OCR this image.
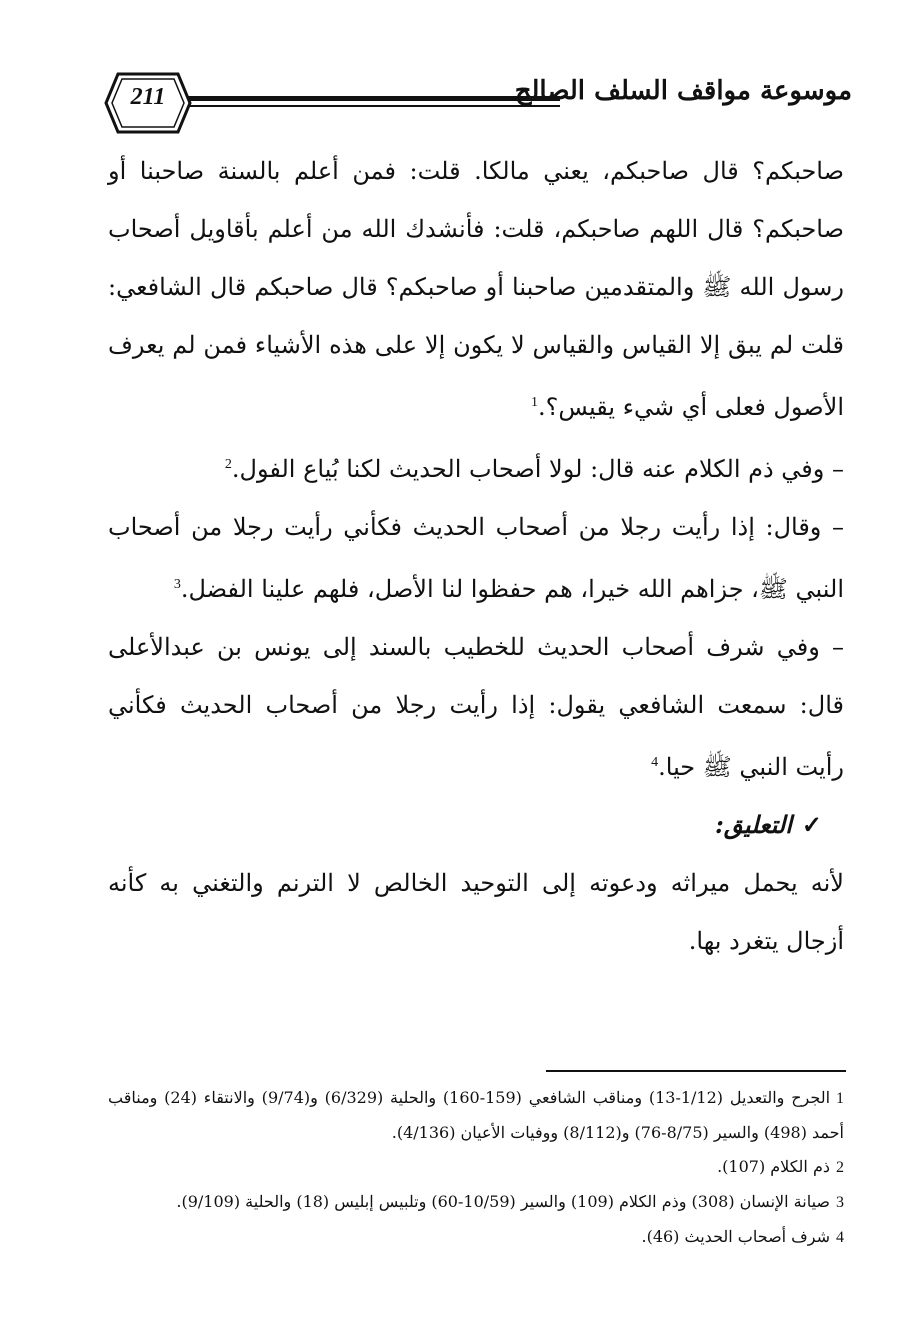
211	موسوعة مواقف السلف الصالح

صاحبكم؟ قال صاحبكم، يعني مالكا. قلت: فمن أعلم بالسنة صاحبنا أو صاحبكم؟ قال اللهم صاحبكم، قلت: فأنشدك الله من أعلم بأقاويل أصحاب رسول الله ﷺ والمتقدمين صاحبنا أو صاحبكم؟ قال صاحبكم قال الشافعي: قلت لم يبق إلا القياس والقياس لا يكون إلا على هذه الأشياء فمن لم يعرف الأصول فعلى أي شيء يقيس؟.$^1$

– وفي ذم الكلام عنه قال: لولا أصحاب الحديث لكنا بُياع الفول.$^2$

– وقال: إذا رأيت رجلا من أصحاب الحديث فكأني رأيت رجلا من أصحاب النبي ﷺ، جزاهم الله خيرا، هم حفظوا لنا الأصل، فلهم علينا الفضل.$^3$

– وفي شرف أصحاب الحديث للخطيب بالسند إلى يونس بن عبدالأعلى قال: سمعت الشافعي يقول: إذا رأيت رجلا من أصحاب الحديث فكأني رأيت النبي ﷺ حيا.$^4$

✓التعليق:

لأنه يحمل ميراثه ودعوته إلى التوحيد الخالص لا الترنم والتغني به كأنه أزجال يتغرد بها.

1الجرح والتعديل (1/12-13) ومناقب الشافعي (159-160) والحلية (6/329) و(9/74) والانتقاء (24) ومناقب أحمد (498) والسير (8/75-76) و(8/112) ووفيات الأعيان (4/136).

2ذم الكلام (107).

3صيانة الإنسان (308) وذم الكلام (109) والسير (10/59-60) وتلبيس إبليس (18) والحلية (9/109).

4شرف أصحاب الحديث (46).
